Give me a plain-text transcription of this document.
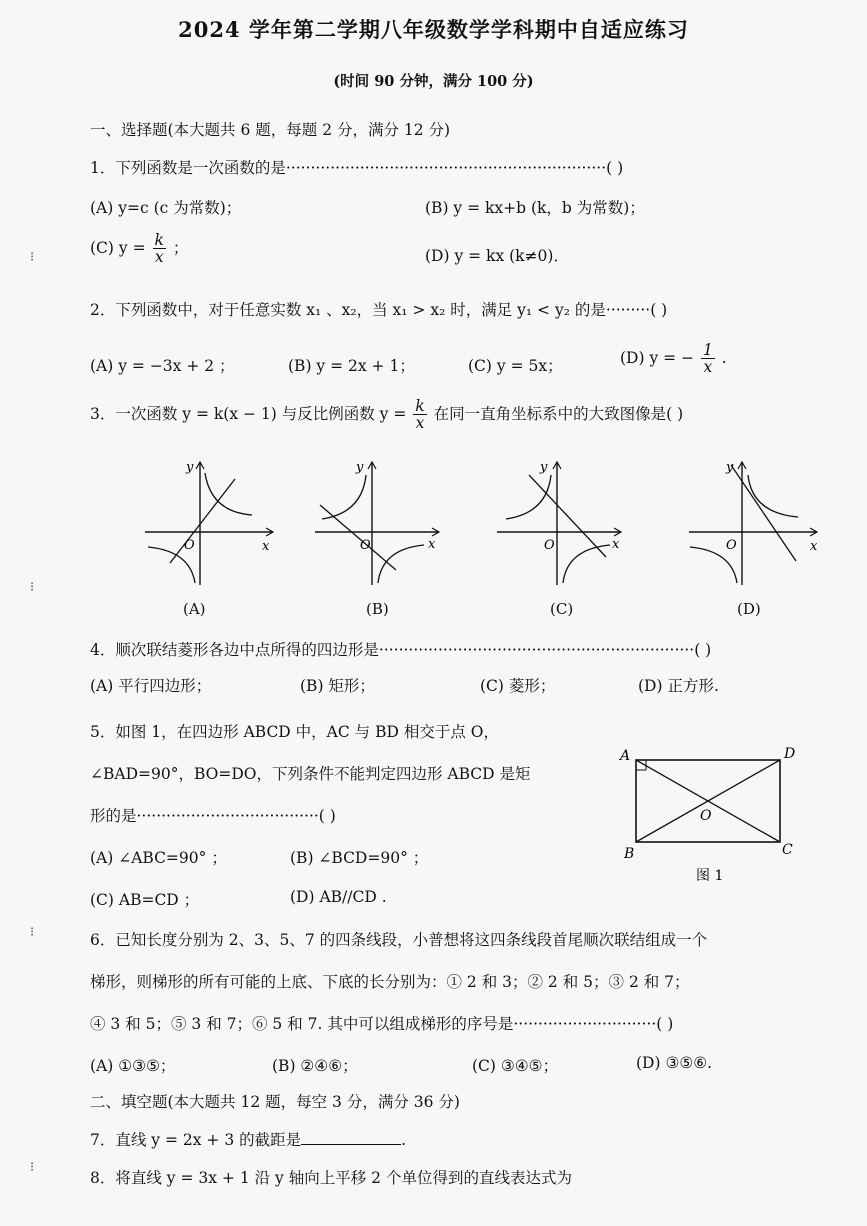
2024 学年第二学期八年级数学学科期中自适应练习
(时间 90 分钟，满分 100 分)
一、选择题(本大题共 6 题，每题 2 分，满分 12 分)
1．下列函数是一次函数的是·································································( )
(A) y=c (c 为常数)；	(B) y = kx+b (k，b 为常数)；
(C) $y = \frac{k}{x}$ ；	(D) y = kx (k≠0)．
2．下列函数中，对于任意实数 x₁ 、x₂，当 x₁ > x₂ 时，满足 y₁ < y₂ 的是·········( )
(A) y = −3x + 2 ；	(B) y = 2x + 1；	(C) y = 5x；	(D) y = − $\frac{1}{x}$ .
3．一次函数 y = k(x − 1) 与反比例函数 $y = \frac{k}{x}$ 在同一直角坐标系中的大致图像是( )
O	x
y
(A)
O	x
y
(B)
O	x
y
(C)
O	x
y
(D)
4．顺次联结菱形各边中点所得的四边形是································································( )
(A) 平行四边形；	(B) 矩形；	(C) 菱形；	(D) 正方形.
5．如图 1，在四边形 ABCD 中，AC 与 BD 相交于点 O，
∠BAD=90°，BO=DO，下列条件不能判定四边形 ABCD 是矩
形的是·····································( )
(A) ∠ABC=90° ；	(B) ∠BCD=90° ；
(C) AB=CD ；	(D) AB//CD .
A	D
B	C
O
图 1
6．已知长度分别为 2、3、5、7 的四条线段，小普想将这四条线段首尾顺次联结组成一个
梯形，则梯形的所有可能的上底、下底的长分别为：① 2 和 3；② 2 和 5；③ 2 和 7；
④ 3 和 5；⑤ 3 和 7；⑥ 5 和 7. 其中可以组成梯形的序号是·····························( )
(A) ①③⑤；	(B) ②④⑥；	(C) ③④⑤；	(D) ③⑤⑥.
二、填空题(本大题共 12 题，每空 3 分，满分 36 分)
7．直线 y = 2x + 3 的截距是	.
8．将直线 y = 3x + 1 沿 y 轴向上平移 2 个单位得到的直线表达式为
⁝
⁝
⁝
⁝
